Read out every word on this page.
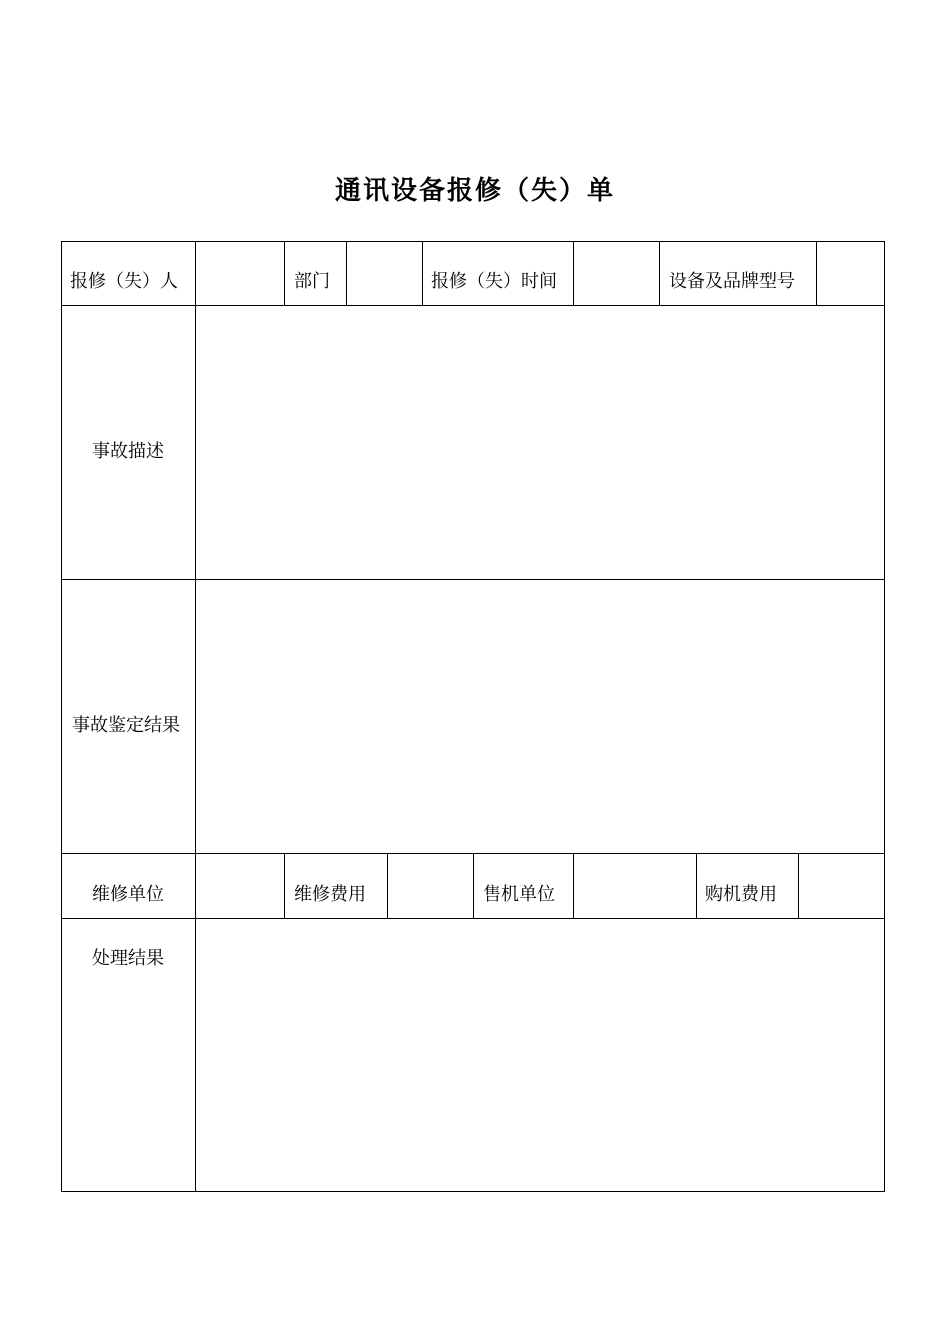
通讯设备报修（失）单
报修（失）人	部门	报修（失）时间	设备及品牌型号
事故描述
事故鉴定结果
维修单位	维修费用	售机单位	购机费用
处理结果
